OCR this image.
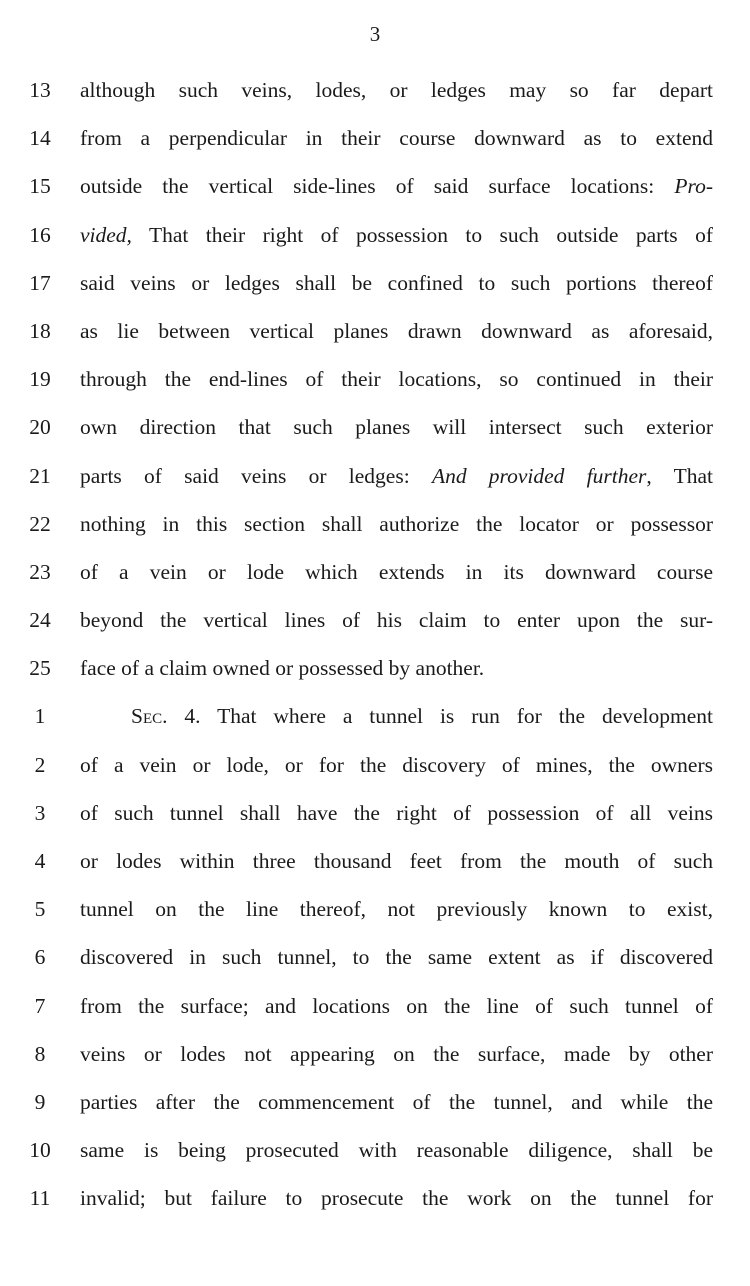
3
13	although such veins, lodes, or ledges may so far depart
14	from a perpendicular in their course downward as to extend
15	outside the vertical side-lines of said surface locations: Pro-
16	vided, That their right of possession to such outside parts of
17	said veins or ledges shall be confined to such portions thereof
18	as lie between vertical planes drawn downward as aforesaid,
19	through the end-lines of their locations, so continued in their
20	own direction that such planes will intersect such exterior
21	parts of said veins or ledges: And provided further, That
22	nothing in this section shall authorize the locator or possessor
23	of a vein or lode which extends in its downward course
24	beyond the vertical lines of his claim to enter upon the sur-
25	face of a claim owned or possessed by another.
1	Sec. 4. That where a tunnel is run for the development
2	of a vein or lode, or for the discovery of mines, the owners
3	of such tunnel shall have the right of possession of all veins
4	or lodes within three thousand feet from the mouth of such
5	tunnel on the line thereof, not previously known to exist,
6	discovered in such tunnel, to the same extent as if discovered
7	from the surface; and locations on the line of such tunnel of
8	veins or lodes not appearing on the surface, made by other
9	parties after the commencement of the tunnel, and while the
10	same is being prosecuted with reasonable diligence, shall be
11	invalid; but failure to prosecute the work on the tunnel for
